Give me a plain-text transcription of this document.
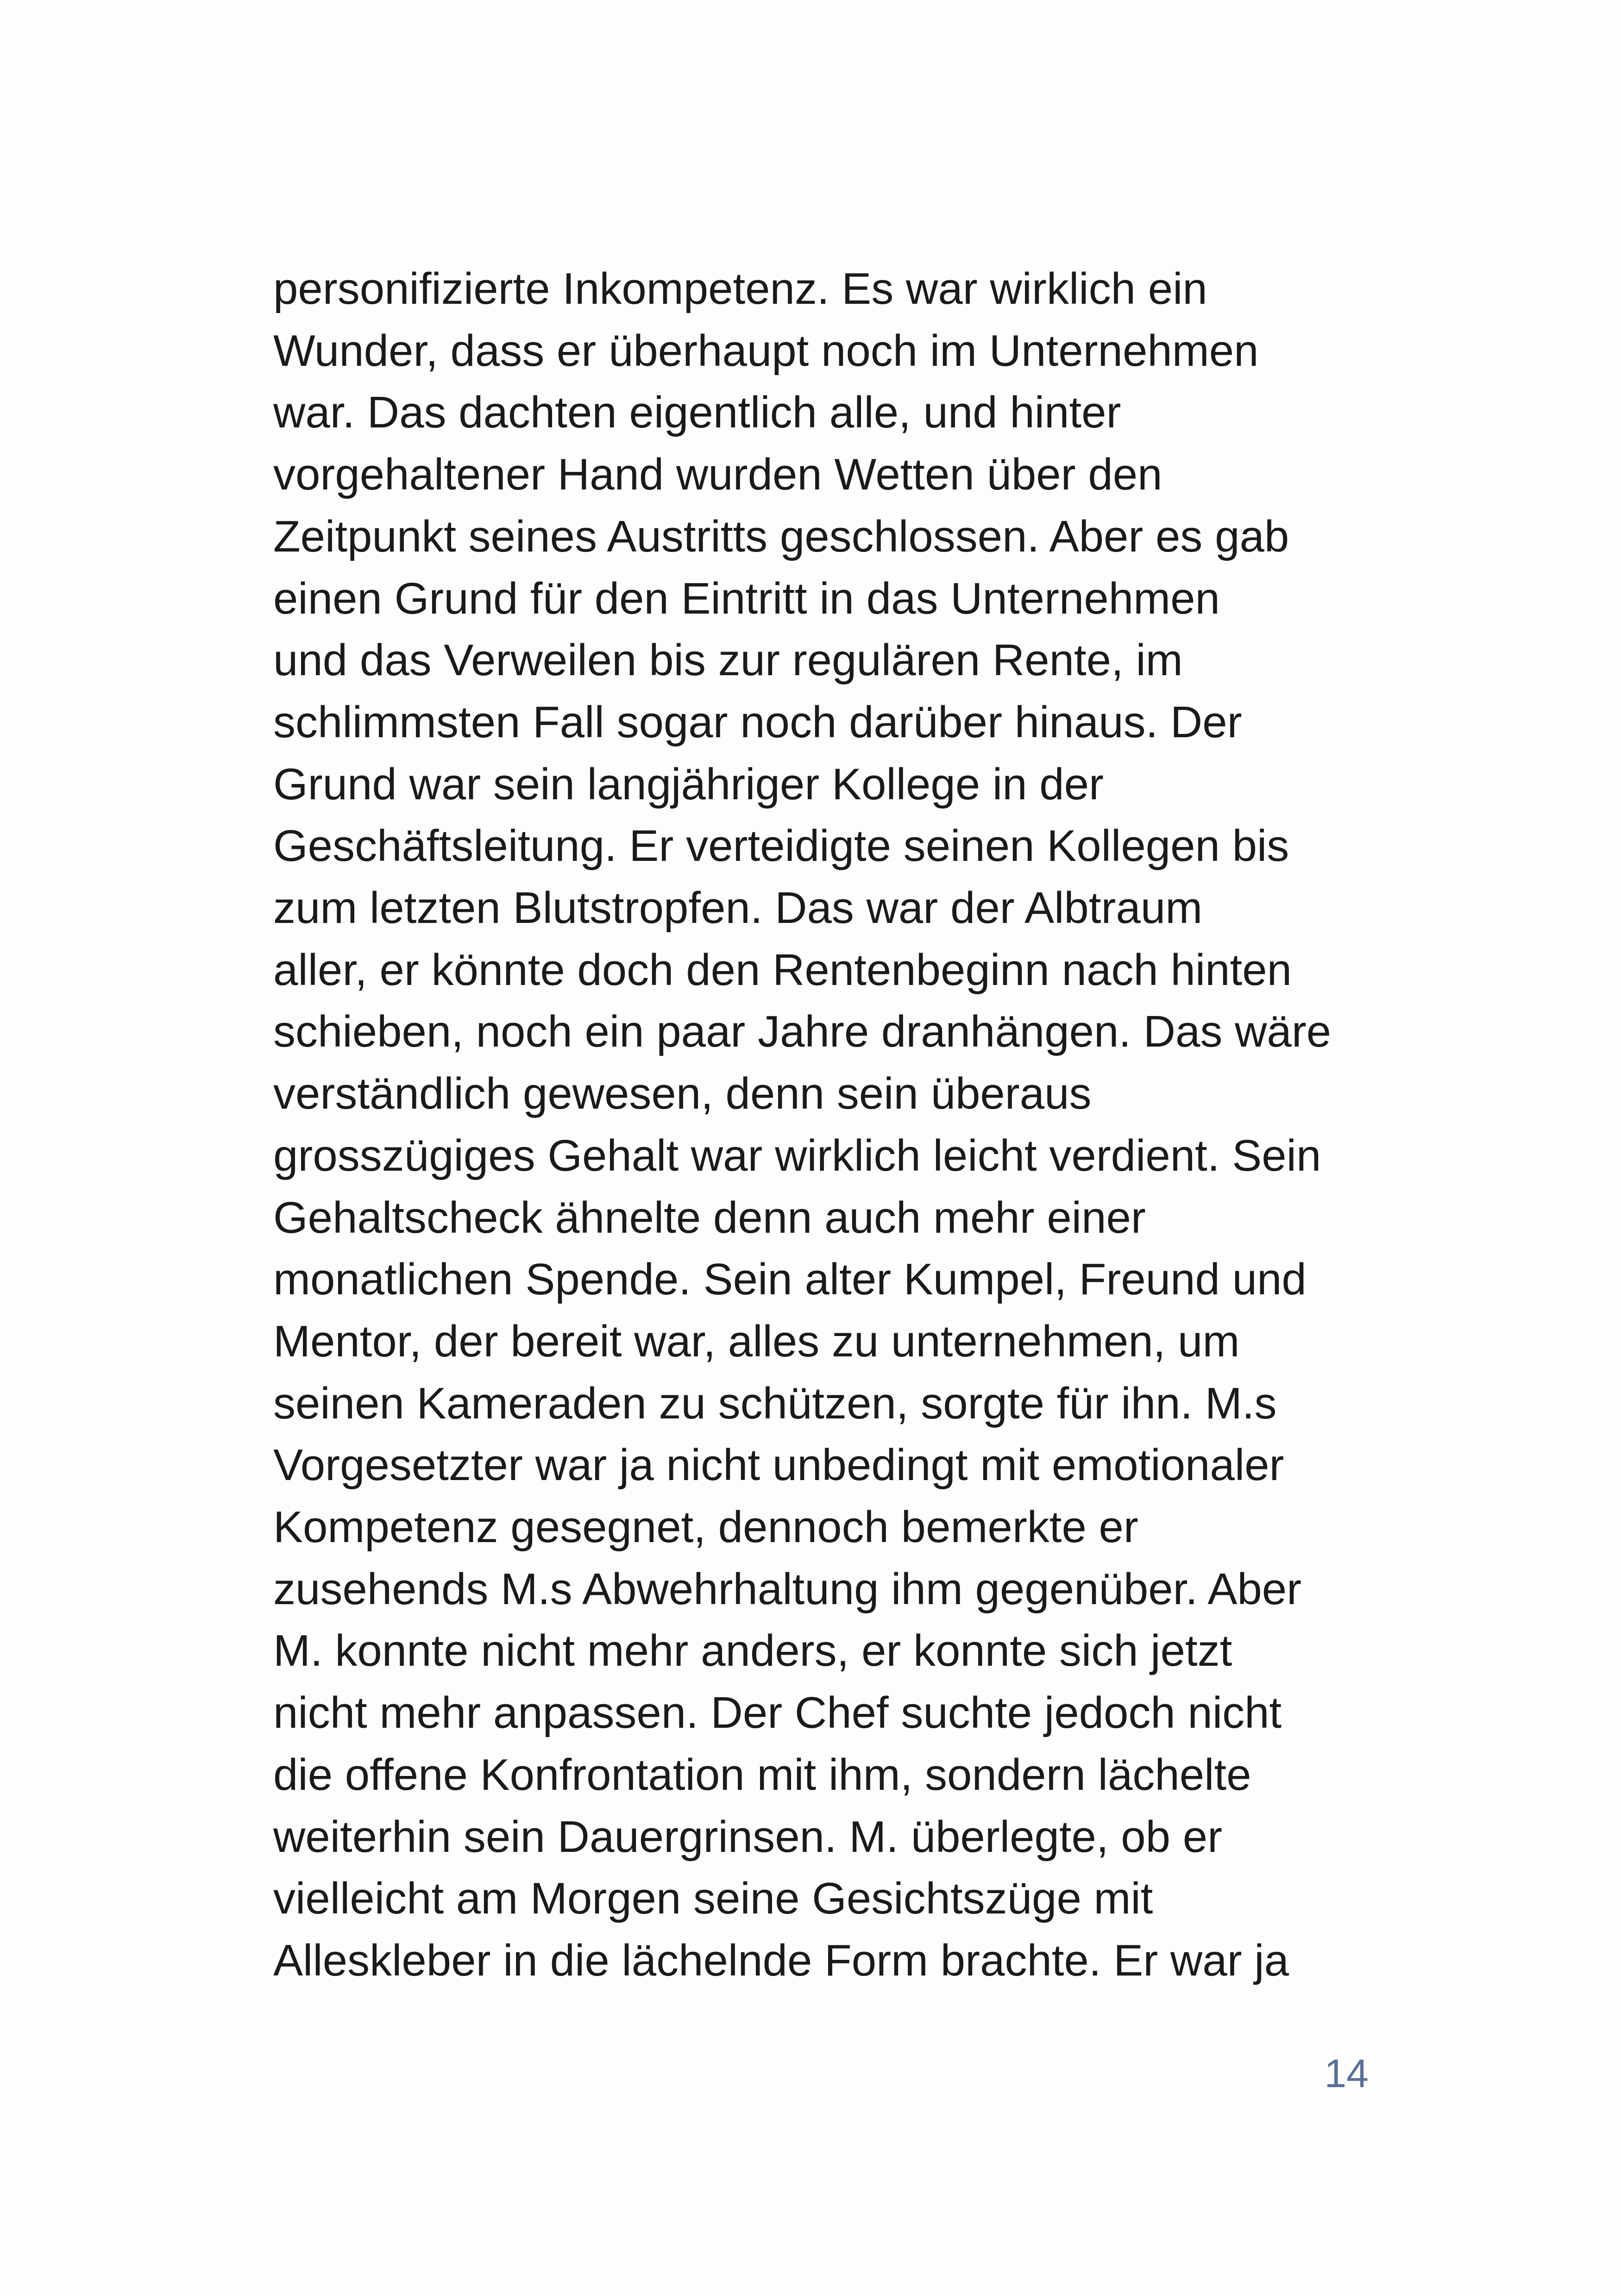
personifizierte Inkompetenz. Es war wirklich ein
Wunder, dass er überhaupt noch im Unternehmen
war. Das dachten eigentlich alle, und hinter
vorgehaltener Hand wurden Wetten über den
Zeitpunkt seines Austritts geschlossen. Aber es gab
einen Grund für den Eintritt in das Unternehmen
und das Verweilen bis zur regulären Rente, im
schlimmsten Fall sogar noch darüber hinaus. Der
Grund war sein langjähriger Kollege in der
Geschäftsleitung. Er verteidigte seinen Kollegen bis
zum letzten Blutstropfen. Das war der Albtraum
aller, er könnte doch den Rentenbeginn nach hinten
schieben, noch ein paar Jahre dranhängen. Das wäre
verständlich gewesen, denn sein überaus
grosszügiges Gehalt war wirklich leicht verdient. Sein
Gehaltscheck ähnelte denn auch mehr einer
monatlichen Spende. Sein alter Kumpel, Freund und
Mentor, der bereit war, alles zu unternehmen, um
seinen Kameraden zu schützen, sorgte für ihn. M.s
Vorgesetzter war ja nicht unbedingt mit emotionaler
Kompetenz gesegnet, dennoch bemerkte er
zusehends M.s Abwehrhaltung ihm gegenüber. Aber
M. konnte nicht mehr anders, er konnte sich jetzt
nicht mehr anpassen. Der Chef suchte jedoch nicht
die offene Konfrontation mit ihm, sondern lächelte
weiterhin sein Dauergrinsen. M. überlegte, ob er
vielleicht am Morgen seine Gesichtszüge mit
Alleskleber in die lächelnde Form brachte. Er war ja
14
